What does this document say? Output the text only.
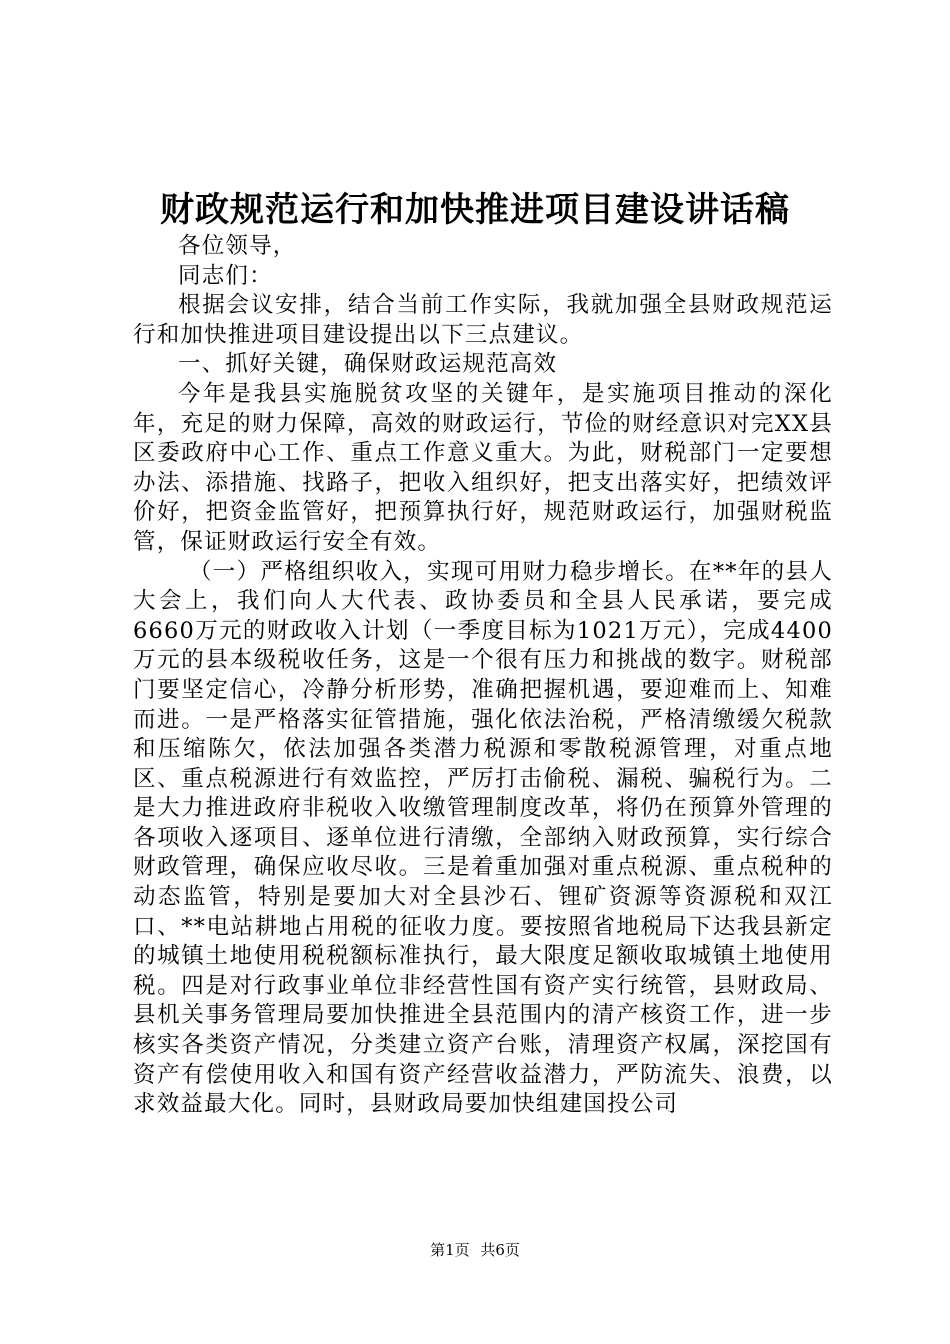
财政规范运行和加快推进项目建设讲话稿

各位领导，

同志们：

根据会议安排，结合当前工作实际，我就加强全县财政规范运行和加快推进项目建设提出以下三点建议。

一、抓好关键，确保财政运规范高效

今年是我县实施脱贫攻坚的关键年，是实施项目推动的深化年，充足的财力保障，高效的财政运行，节俭的财经意识对完XX县区委政府中心工作、重点工作意义重大。为此，财税部门一定要想办法、添措施、找路子，把收入组织好，把支出落实好，把绩效评价好，把资金监管好，把预算执行好，规范财政运行，加强财税监管，保证财政运行安全有效。

（一）严格组织收入，实现可用财力稳步增长。在**年的县人大会上，我们向人大代表、政协委员和全县人民承诺，要完成6660万元的财政收入计划（一季度目标为1021万元），完成4400万元的县本级税收任务，这是一个很有压力和挑战的数字。财税部门要坚定信心，冷静分析形势，准确把握机遇，要迎难而上、知难而进。一是严格落实征管措施，强化依法治税，严格清缴缓欠税款和压缩陈欠，依法加强各类潜力税源和零散税源管理，对重点地区、重点税源进行有效监控，严厉打击偷税、漏税、骗税行为。二是大力推进政府非税收入收缴管理制度改革，将仍在预算外管理的各项收入逐项目、逐单位进行清缴，全部纳入财政预算，实行综合财政管理，确保应收尽收。三是着重加强对重点税源、重点税种的动态监管，特别是要加大对全县沙石、锂矿资源等资源税和双江口、**电站耕地占用税的征收力度。要按照省地税局下达我县新定的城镇土地使用税税额标准执行，最大限度足额收取城镇土地使用税。四是对行政事业单位非经营性国有资产实行统管，县财政局、县机关事务管理局要加快推进全县范围内的清产核资工作，进一步核实各类资产情况，分类建立资产台账，清理资产权属，深挖国有资产有偿使用收入和国有资产经营收益潜力，严防流失、浪费，以求效益最大化。同时，县财政局要加快组建国投公司

第1页 共6页
